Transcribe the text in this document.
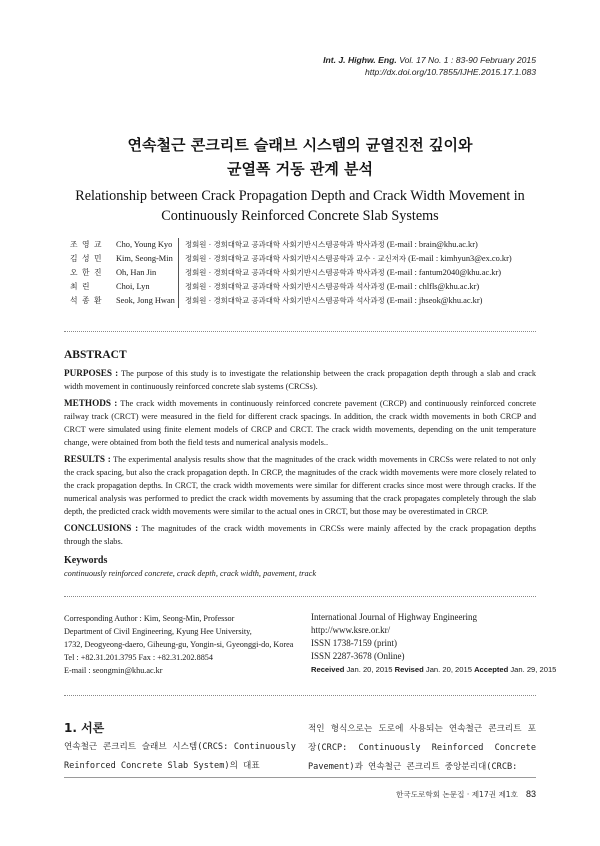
Int. J. Highw. Eng. Vol. 17 No. 1 : 83-90 February 2015
http://dx.doi.org/10.7855/IJHE.2015.17.1.083
연속철근 콘크리트 슬래브 시스템의 균열진전 깊이와
균열폭 거동 관계 분석
Relationship between Crack Propagation Depth and Crack Width Movement in
Continuously Reinforced Concrete Slab Systems
조 영 교	Cho, Young Kyo	정회원 · 경희대학교 공과대학 사회기반시스템공학과 박사과정 (E-mail : brain@khu.ac.kr)
김 성 민	Kim, Seong-Min	정회원 · 경희대학교 공과대학 사회기반시스템공학과 교수 · 교신저자 (E-mail : kimhyun3@ex.co.kr)
오 한 진	Oh, Han Jin	정회원 · 경희대학교 공과대학 사회기반시스템공학과 박사과정 (E-mail : fantum2040@khu.ac.kr)
최 린	Choi, Lyn	정회원 · 경희대학교 공과대학 사회기반시스템공학과 석사과정 (E-mail : chlfls@khu.ac.kr)
석 종 환	Seok, Jong Hwan	정회원 · 경희대학교 공과대학 사회기반시스템공학과 석사과정 (E-mail : jhseok@khu.ac.kr)
ABSTRACT

PURPOSES : The purpose of this study is to investigate the relationship between the crack propagation depth through a slab and crack width movement in continuously reinforced concrete slab systems (CRCSs).

METHODS : The crack width movements in continuously reinforced concrete pavement (CRCP) and continuously reinforced concrete railway track (CRCT) were measured in the field for different crack spacings. In addition, the crack width movements in both CRCP and CRCT were simulated using finite element models of CRCP and CRCT. The crack width movements, depending on the unit temperature change, were obtained from both the field tests and numerical analysis models..

RESULTS : The experimental analysis results show that the magnitudes of the crack width movements in CRCSs were related to not only the crack spacing, but also the crack propagation depth. In CRCP, the magnitudes of the crack width movements were more closely related to the crack propagation depths. In CRCT, the crack width movements were similar for different cracks since most were through cracks. If the numerical analysis was performed to predict the crack width movements by assuming that the crack propagates completely through the slab depth, the predicted crack width movements were similar to the actual ones in CRCT, but those may be overestimated in CRCP.

CONCLUSIONS : The magnitudes of the crack width movements in CRCSs were mainly affected by the crack propagation depths through the slabs.

Keywords
continuously reinforced concrete, crack depth, crack width, pavement, track
Corresponding Author : Kim, Seong-Min, Professor
Department of Civil Engineering, Kyung Hee University,
1732, Deogyeong-daero, Giheung-gu, Yongin-si, Gyeonggi-do, Korea
Tel : +82.31.201.3795 Fax : +82.31.202.8854
E-mail : seongmin@khu.ac.kr
International Journal of Highway Engineering
http://www.ksre.or.kr/
ISSN 1738-7159 (print)
ISSN 2287-3678 (Online)
Received Jan. 20, 2015 Revised Jan. 20, 2015 Accepted Jan. 29, 2015
1. 서론
연속철근 콘크리트 슬래브 시스템(CRCS: Continuously Reinforced Concrete Slab System)의 대표
적인 형식으로는 도로에 사용되는 연속철근 콘크리트 포장(CRCP: Continuously Reinforced Concrete Pavement)과 연속철근 콘크리트 중앙분리대(CRCB:
한국도로학회 논문집 · 제17권 제1호 83
